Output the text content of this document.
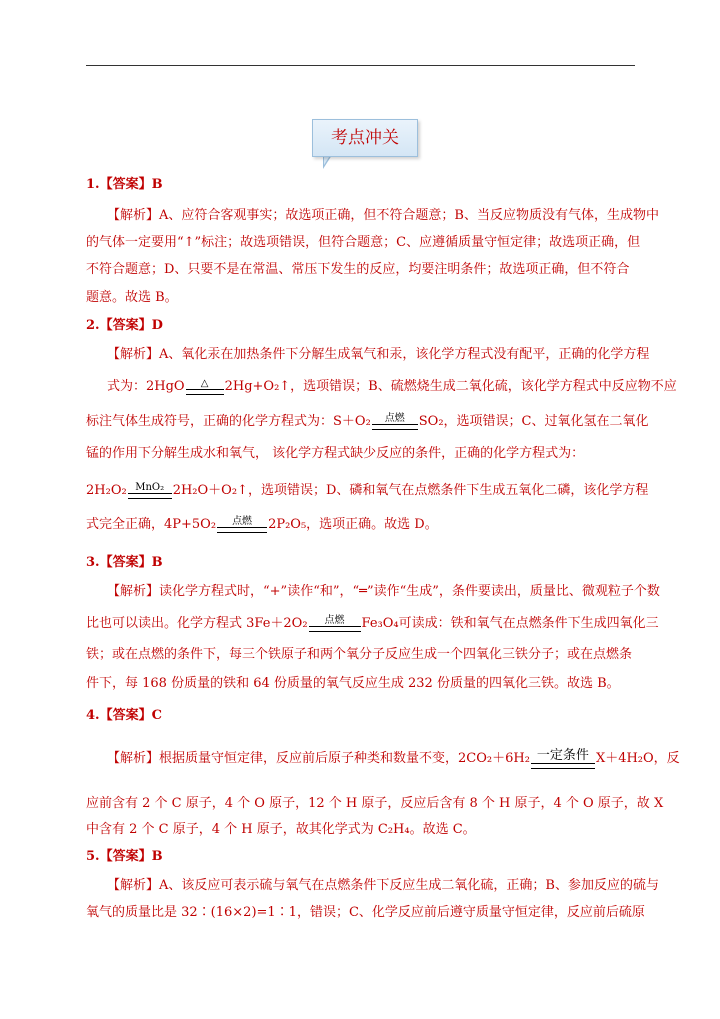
考点冲关
1.【答案】B
【解析】A、应符合客观事实；故选项正确，但不符合题意；B、当反应物质没有气体，生成物中
的气体一定要用“↑”标注；故选项错误，但符合题意；C、应遵循质量守恒定律；故选项正确，但
不符合题意；D、只要不是在常温、常压下发生的反应，均要注明条件；故选项正确，但不符合
题意。故选 B。
2.【答案】D
【解析】A、氧化汞在加热条件下分解生成氧气和汞，该化学方程式没有配平，正确的化学方程
式为：2HgO	△	2Hg+O₂↑，选项错误；B、硫燃烧生成二氧化硫，该化学方程式中反应物不应
标注气体生成符号，正确的化学方程式为：S＋O₂	点燃	SO₂，选项错误；C、过氧化氢在二氧化
锰的作用下分解生成水和氧气， 该化学方程式缺少反应的条件，正确的化学方程式为：
2H₂O₂ MnO₂ 2H₂O＋O₂↑，选项错误；D、磷和氧气在点燃条件下生成五氧化二磷，该化学方程
式完全正确，4P+5O₂	点燃	2P₂O₅，选项正确。故选 D。
3.【答案】B
【解析】读化学方程式时，“+”读作“和”，“═”读作“生成”，条件要读出，质量比、微观粒子个数
比也可以读出。化学方程式 3Fe＋2O₂	点燃	Fe₃O₄可读成：铁和氧气在点燃条件下生成四氧化三
铁；或在点燃的条件下，每三个铁原子和两个氧分子反应生成一个四氧化三铁分子；或在点燃条
件下，每 168 份质量的铁和 64 份质量的氧气反应生成 232 份质量的四氧化三铁。故选 B。
4.【答案】C
【解析】根据质量守恒定律，反应前后原子种类和数量不变，2CO₂＋6H₂ 一定条件 X＋4H₂O，反
应前含有 2 个 C 原子，4 个 O 原子，12 个 H 原子，反应后含有 8 个 H 原子，4 个 O 原子，故 X
中含有 2 个 C 原子，4 个 H 原子，故其化学式为 C₂H₄。故选 C。
5.【答案】B
【解析】A、该反应可表示硫与氧气在点燃条件下反应生成二氧化硫，正确；B、参加反应的硫与
氧气的质量比是 32∶(16×2)=1∶1，错误；C、化学反应前后遵守质量守恒定律，反应前后硫原
